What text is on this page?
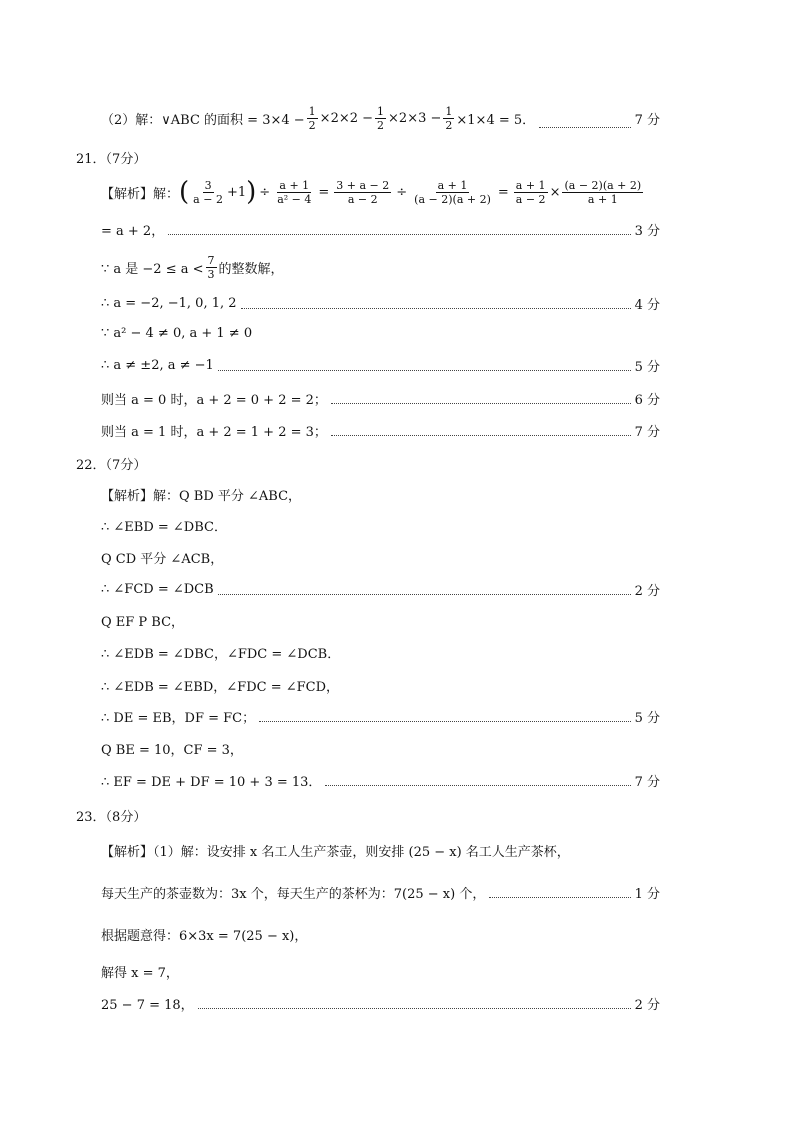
（2）解：∨ABC 的面积 = $3\times 4 - \frac{1}{2} \times 2\times 2 - \frac{1}{2} \times 2\times 3 - \frac{1}{2} \times 1\times 4 = 5$．	7 分
21．（7分）
【解析】解： ( $\frac{3}{a - 2} +1$ ) ÷ $\frac{a + 1}{\text{a² − 4}} = \frac{3 + a - 2}{a - 2} \div \frac{a + 1}{(a - 2)(a + 2)} = \frac{a + 1}{a - 2} \times \frac{(a - 2)(a + 2)}{a + 1}$
= a + 2，	3 分
∵ a 是 $-2 \le a < \frac{7}{3}$ 的整数解，
∴ a = −2, −1, 0, 1, 2	4 分
∵ a² − 4 ≠ 0, a + 1 ≠ 0
∴ a ≠ ±2, a ≠ −1	5 分
则当 a = 0 时，a + 2 = 0 + 2 = 2；	6 分
则当 a = 1 时，a + 2 = 1 + 2 = 3；	7 分
22．（7分）
【解析】解：Q BD 平分 ∠ABC，
∴ ∠EBD = ∠DBC．
Q CD 平分 ∠ACB，
∴ ∠FCD = ∠DCB	2 分
Q EF P BC，
∴ ∠EDB = ∠DBC，∠FDC = ∠DCB．
∴ ∠EDB = ∠EBD，∠FDC = ∠FCD，
∴ DE = EB，DF = FC；	5 分
Q BE = 10，CF = 3，
∴ EF = DE + DF = 10 + 3 = 13．	7 分
23．（8分）
【解析】（1）解：设安排 x 名工人生产茶壶，则安排 (25 − x) 名工人生产茶杯，
每天生产的茶壶数为：3x 个，每天生产的茶杯为：7(25 − x) 个，	1 分
根据题意得：6×3x = 7(25 − x)，
解得 x = 7，
25 − 7 = 18，	2 分
